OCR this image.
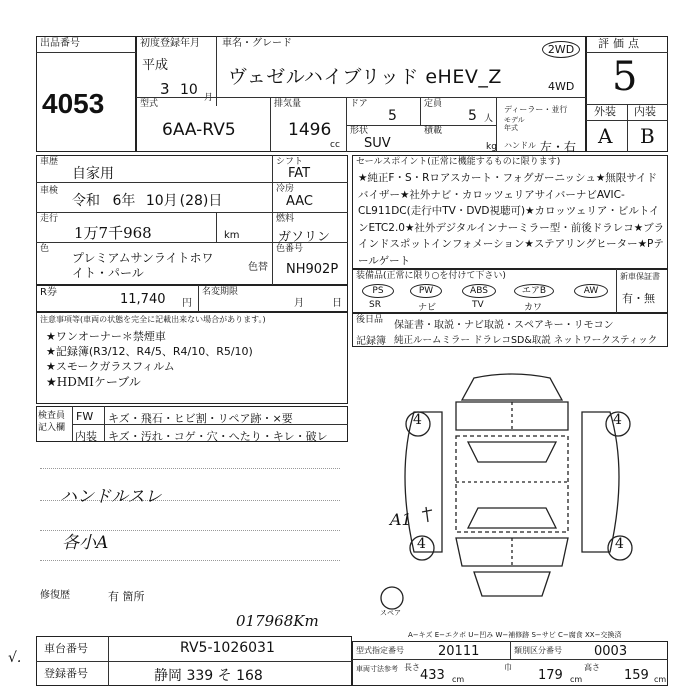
出品番号
4053
初度登録年月
平成
3 10 月
車名・グレード
ヴェゼルハイブリッド eHEV_Z
2WD
4WD
型式
6AA-RV5
排気量
1496
cc
ドア
5
定員
5 人
形状
SUV
積載
kg
ディーラー・並行
モデル
年式
ハンドル 左・右
評価点
5
外装 内装
A B
車歴
自家用
シフト
FAT
車検
令和 6年 10月 (28)日
冷房
AAC
走行
1万7千968	km
燃料
ガソリン
色
プレミアムサンライトホワイト・パール	色替
色番号
NH902P
R券	11,740 円
名変期限
月	日
注意事項等(車両の状態を完全に記載出来ない場合があります。)
★ワンオーナー＊禁煙車
★記録簿(R3/12、R4/5、R4/10、R5/10)
★スモークガラスフィルム
★HDMIケーブル
検査員
記入欄
FW キズ・飛石・ヒビ割・リペア跡・×要
内装 キズ・汚れ・コゲ・穴・へたり・キレ・破レ
ハンドルスレ
各小A
修復歴	有 箇所
セールスポイント(正常に機能するものに限ります)
★純正F・S・Rロアスカート・フォグガーニッシュ★無限サイドバイザー★社外ナビ・カロッツェリアサイバーナビAVIC-CL911DC(走行中TV・DVD視聴可)★カロッツェリア・ビルトインETC2.0★社外デジタルインナーミラー型・前後ドラレコ★ブラインドスポットインフォメーション★ステアリングヒーター★Pテールゲート
装備品(正常に限り○を付けて下さい)	新車保証書
有・無
PS
SR
PW
ナビ
ABS
TV
エアB
カワ
AW
後日品 保証書・取説・ナビ取説・スペアキー・リモコン
記録簿 純正ルームミラー ドラレコSD&取説 ネットワークスティック
4	4
4	4
A1
スペア
017968Km
A−キズ E−エクボ U−凹み W−補修跡 S−サビ C−腐食 XX−交換済
車台番号	RV5-1026031
登録番号	静岡 339 そ 168
型式指定番号	20111	類別区分番号 0003
車両寸法参考 長さ
433 cm
巾
179 cm
高さ
159 cm
√.
